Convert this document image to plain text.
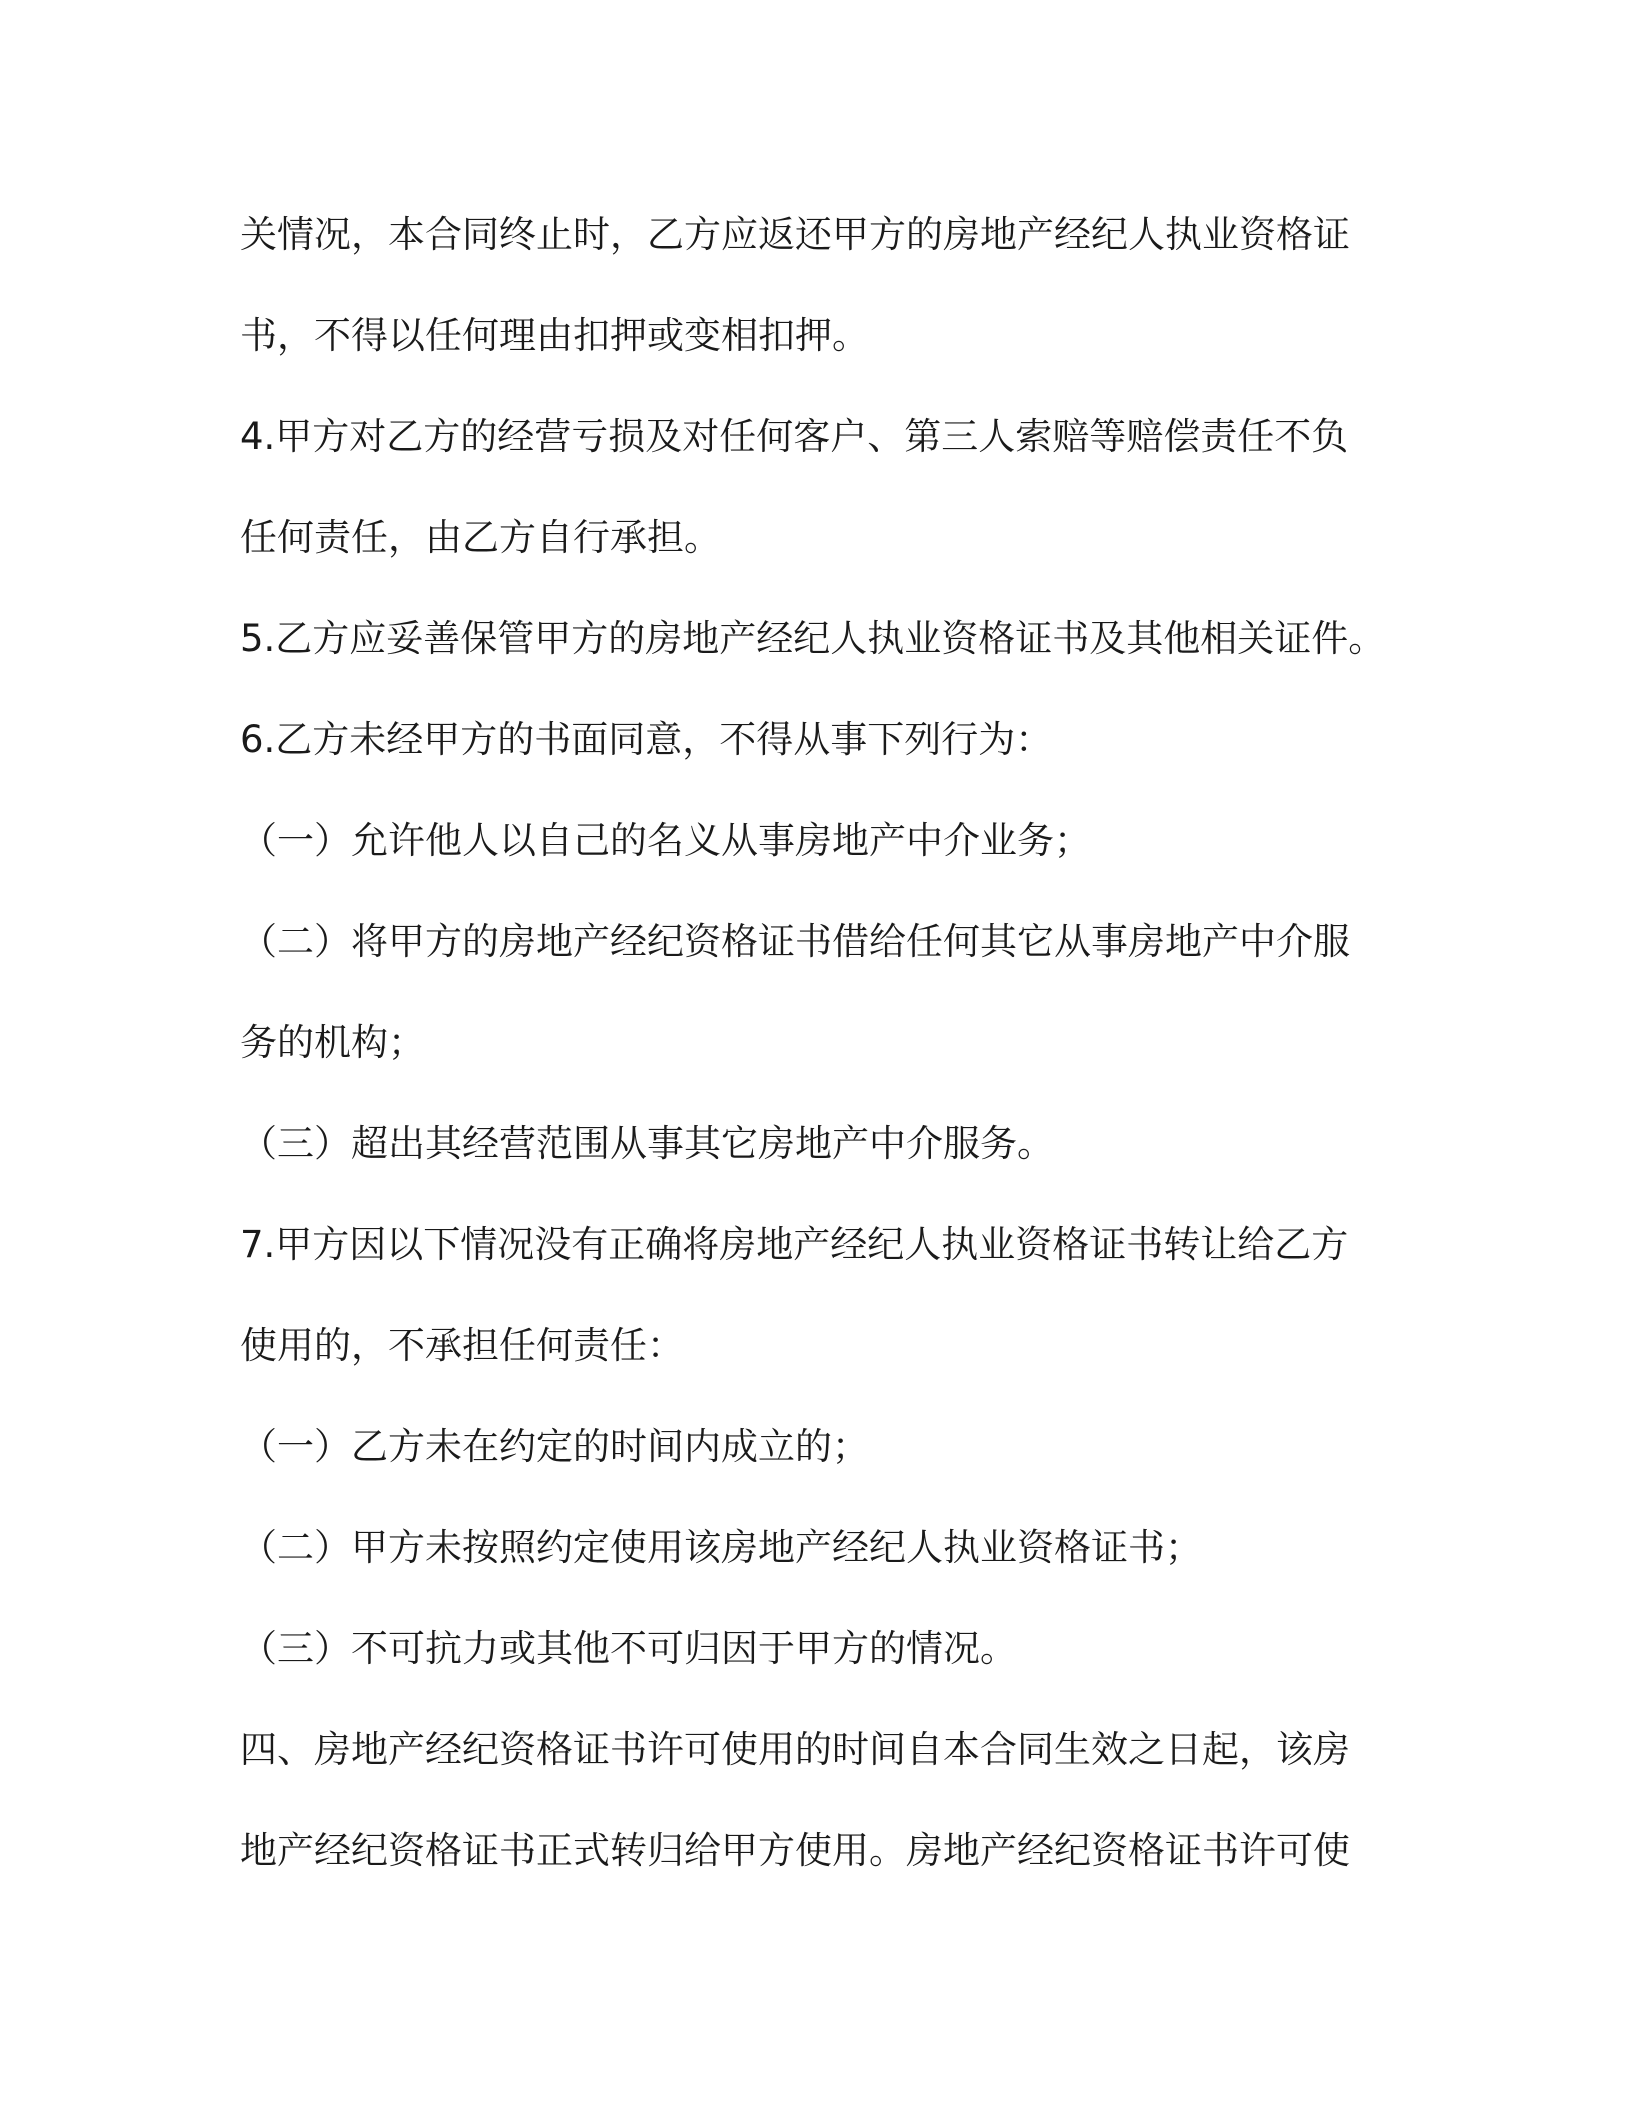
关情况，本合同终止时，乙方应返还甲方的房地产经纪人执业资格证
书，不得以任何理由扣押或变相扣押。
4.甲方对乙方的经营亏损及对任何客户、第三人索赔等赔偿责任不负
任何责任，由乙方自行承担。
5.乙方应妥善保管甲方的房地产经纪人执业资格证书及其他相关证件。
6.乙方未经甲方的书面同意，不得从事下列行为：
（一）允许他人以自己的名义从事房地产中介业务；
（二）将甲方的房地产经纪资格证书借给任何其它从事房地产中介服
务的机构；
（三）超出其经营范围从事其它房地产中介服务。
7.甲方因以下情况没有正确将房地产经纪人执业资格证书转让给乙方
使用的，不承担任何责任：
（一）乙方未在约定的时间内成立的；
（二）甲方未按照约定使用该房地产经纪人执业资格证书；
（三）不可抗力或其他不可归因于甲方的情况。
四、房地产经纪资格证书许可使用的时间自本合同生效之日起，该房
地产经纪资格证书正式转归给甲方使用。房地产经纪资格证书许可使
